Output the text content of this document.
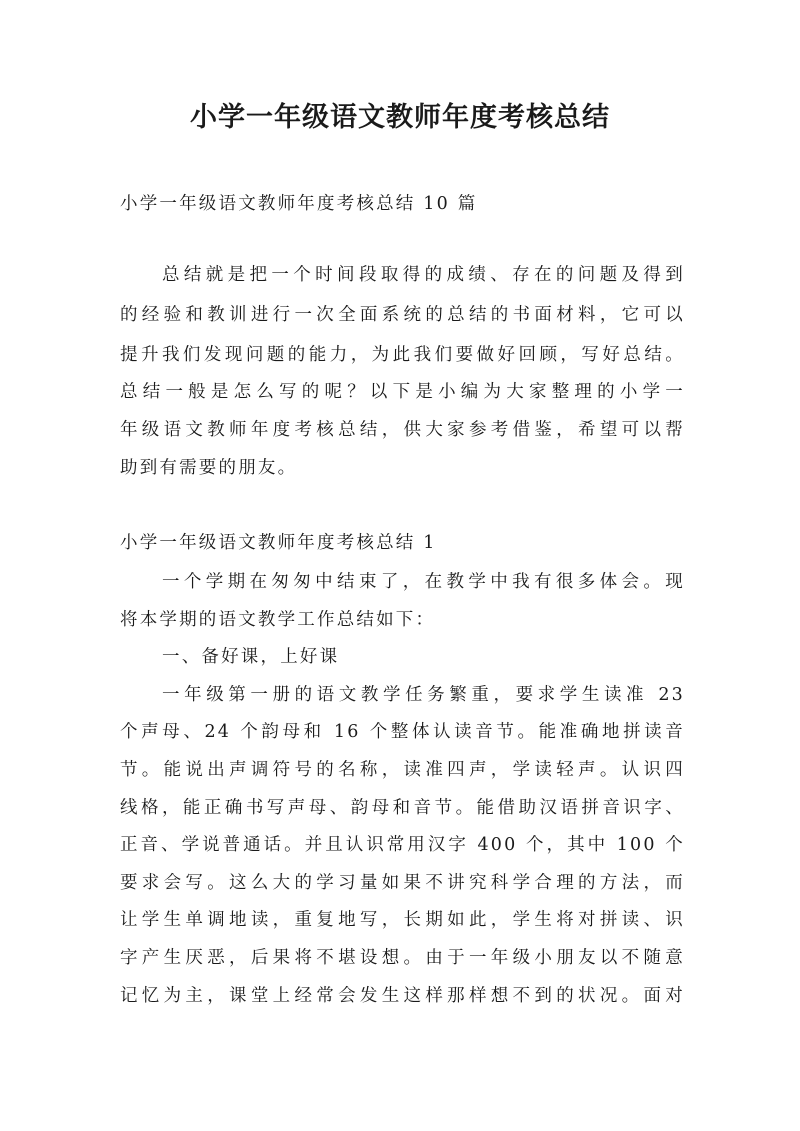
小学一年级语文教师年度考核总结
小学一年级语文教师年度考核总结 10 篇
总结就是把一个时间段取得的成绩、存在的问题及得到
的经验和教训进行一次全面系统的总结的书面材料，它可以
提升我们发现问题的能力，为此我们要做好回顾，写好总结。
总结一般是怎么写的呢？以下是小编为大家整理的小学一
年级语文教师年度考核总结，供大家参考借鉴，希望可以帮
助到有需要的朋友。
小学一年级语文教师年度考核总结 1
一个学期在匆匆中结束了，在教学中我有很多体会。现
将本学期的语文教学工作总结如下：
一、备好课，上好课
一年级第一册的语文教学任务繁重，要求学生读准 23
个声母、24 个韵母和 16 个整体认读音节。能准确地拼读音
节。能说出声调符号的名称，读准四声，学读轻声。认识四
线格，能正确书写声母、韵母和音节。能借助汉语拼音识字、
正音、学说普通话。并且认识常用汉字 400 个，其中 100 个
要求会写。这么大的学习量如果不讲究科学合理的方法，而
让学生单调地读，重复地写，长期如此，学生将对拼读、识
字产生厌恶，后果将不堪设想。由于一年级小朋友以不随意
记忆为主，课堂上经常会发生这样那样想不到的状况。面对
